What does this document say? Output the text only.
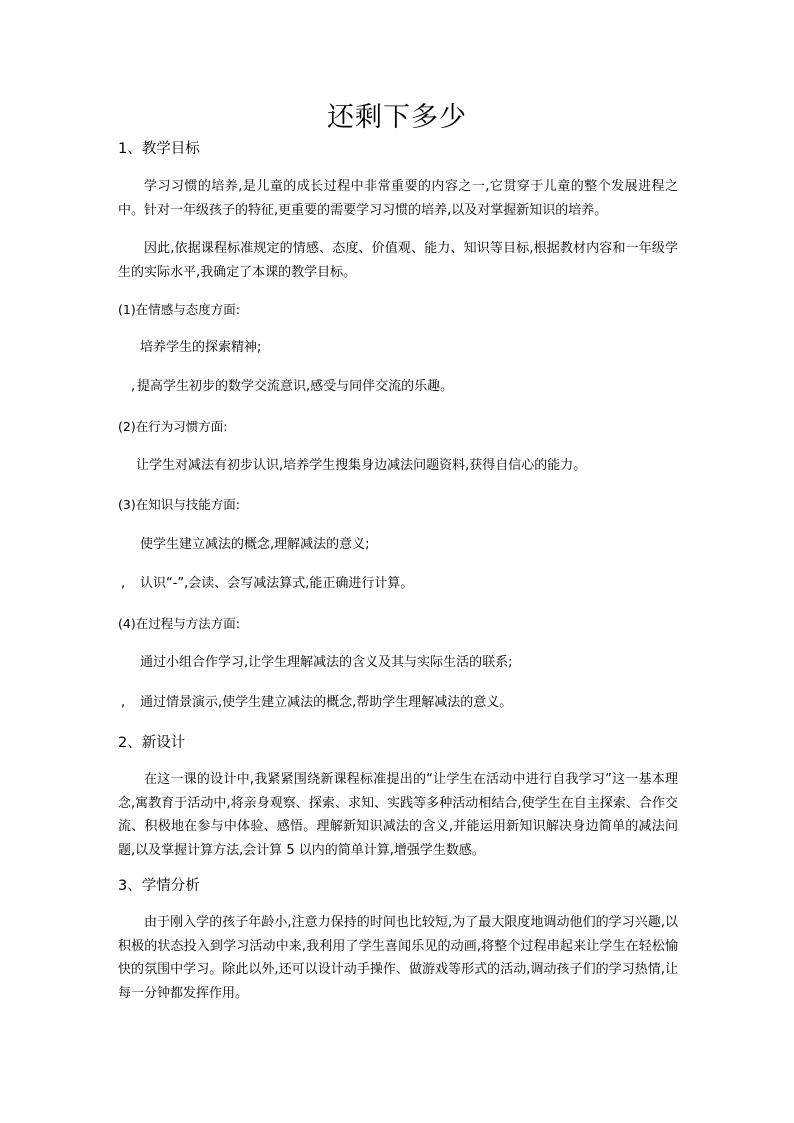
还剩下多少
1、教学目标
学习习惯的培养,是儿童的成长过程中非常重要的内容之一,它贯穿于儿童的整个发展进程之中。针对一年级孩子的特征,更重要的需要学习习惯的培养,以及对掌握新知识的培养。
因此,依据课程标准规定的情感、态度、价值观、能力、知识等目标,根据教材内容和一年级学生的实际水平,我确定了本课的教学目标。
(1)在情感与态度方面:
培养学生的探索精神;
, 提高学生初步的数学交流意识,感受与同伴交流的乐趣。
(2)在行为习惯方面:
让学生对减法有初步认识,培养学生搜集身边减法问题资料,获得自信心的能力。
(3)在知识与技能方面:
使学生建立减法的概念,理解减法的意义;
, 认识“-”,会读、会写减法算式,能正确进行计算。
(4)在过程与方法方面:
通过小组合作学习,让学生理解减法的含义及其与实际生活的联系;
, 通过情景演示,使学生建立减法的概念,帮助学生理解减法的意义。
2、新设计
在这一课的设计中,我紧紧围绕新课程标准提出的“让学生在活动中进行自我学习”这一基本理念,寓教育于活动中,将亲身观察、探索、求知、实践等多种活动相结合,使学生在自主探索、合作交流、积极地在参与中体验、感悟。理解新知识减法的含义,并能运用新知识解决身边简单的减法问题,以及掌握计算方法,会计算 5 以内的简单计算,增强学生数感。
3、学情分析
由于刚入学的孩子年龄小,注意力保持的时间也比较短,为了最大限度地调动他们的学习兴趣,以积极的状态投入到学习活动中来,我利用了学生喜闻乐见的动画,将整个过程串起来让学生在轻松愉快的氛围中学习。除此以外,还可以设计动手操作、做游戏等形式的活动,调动孩子们的学习热情,让每一分钟都发挥作用。
